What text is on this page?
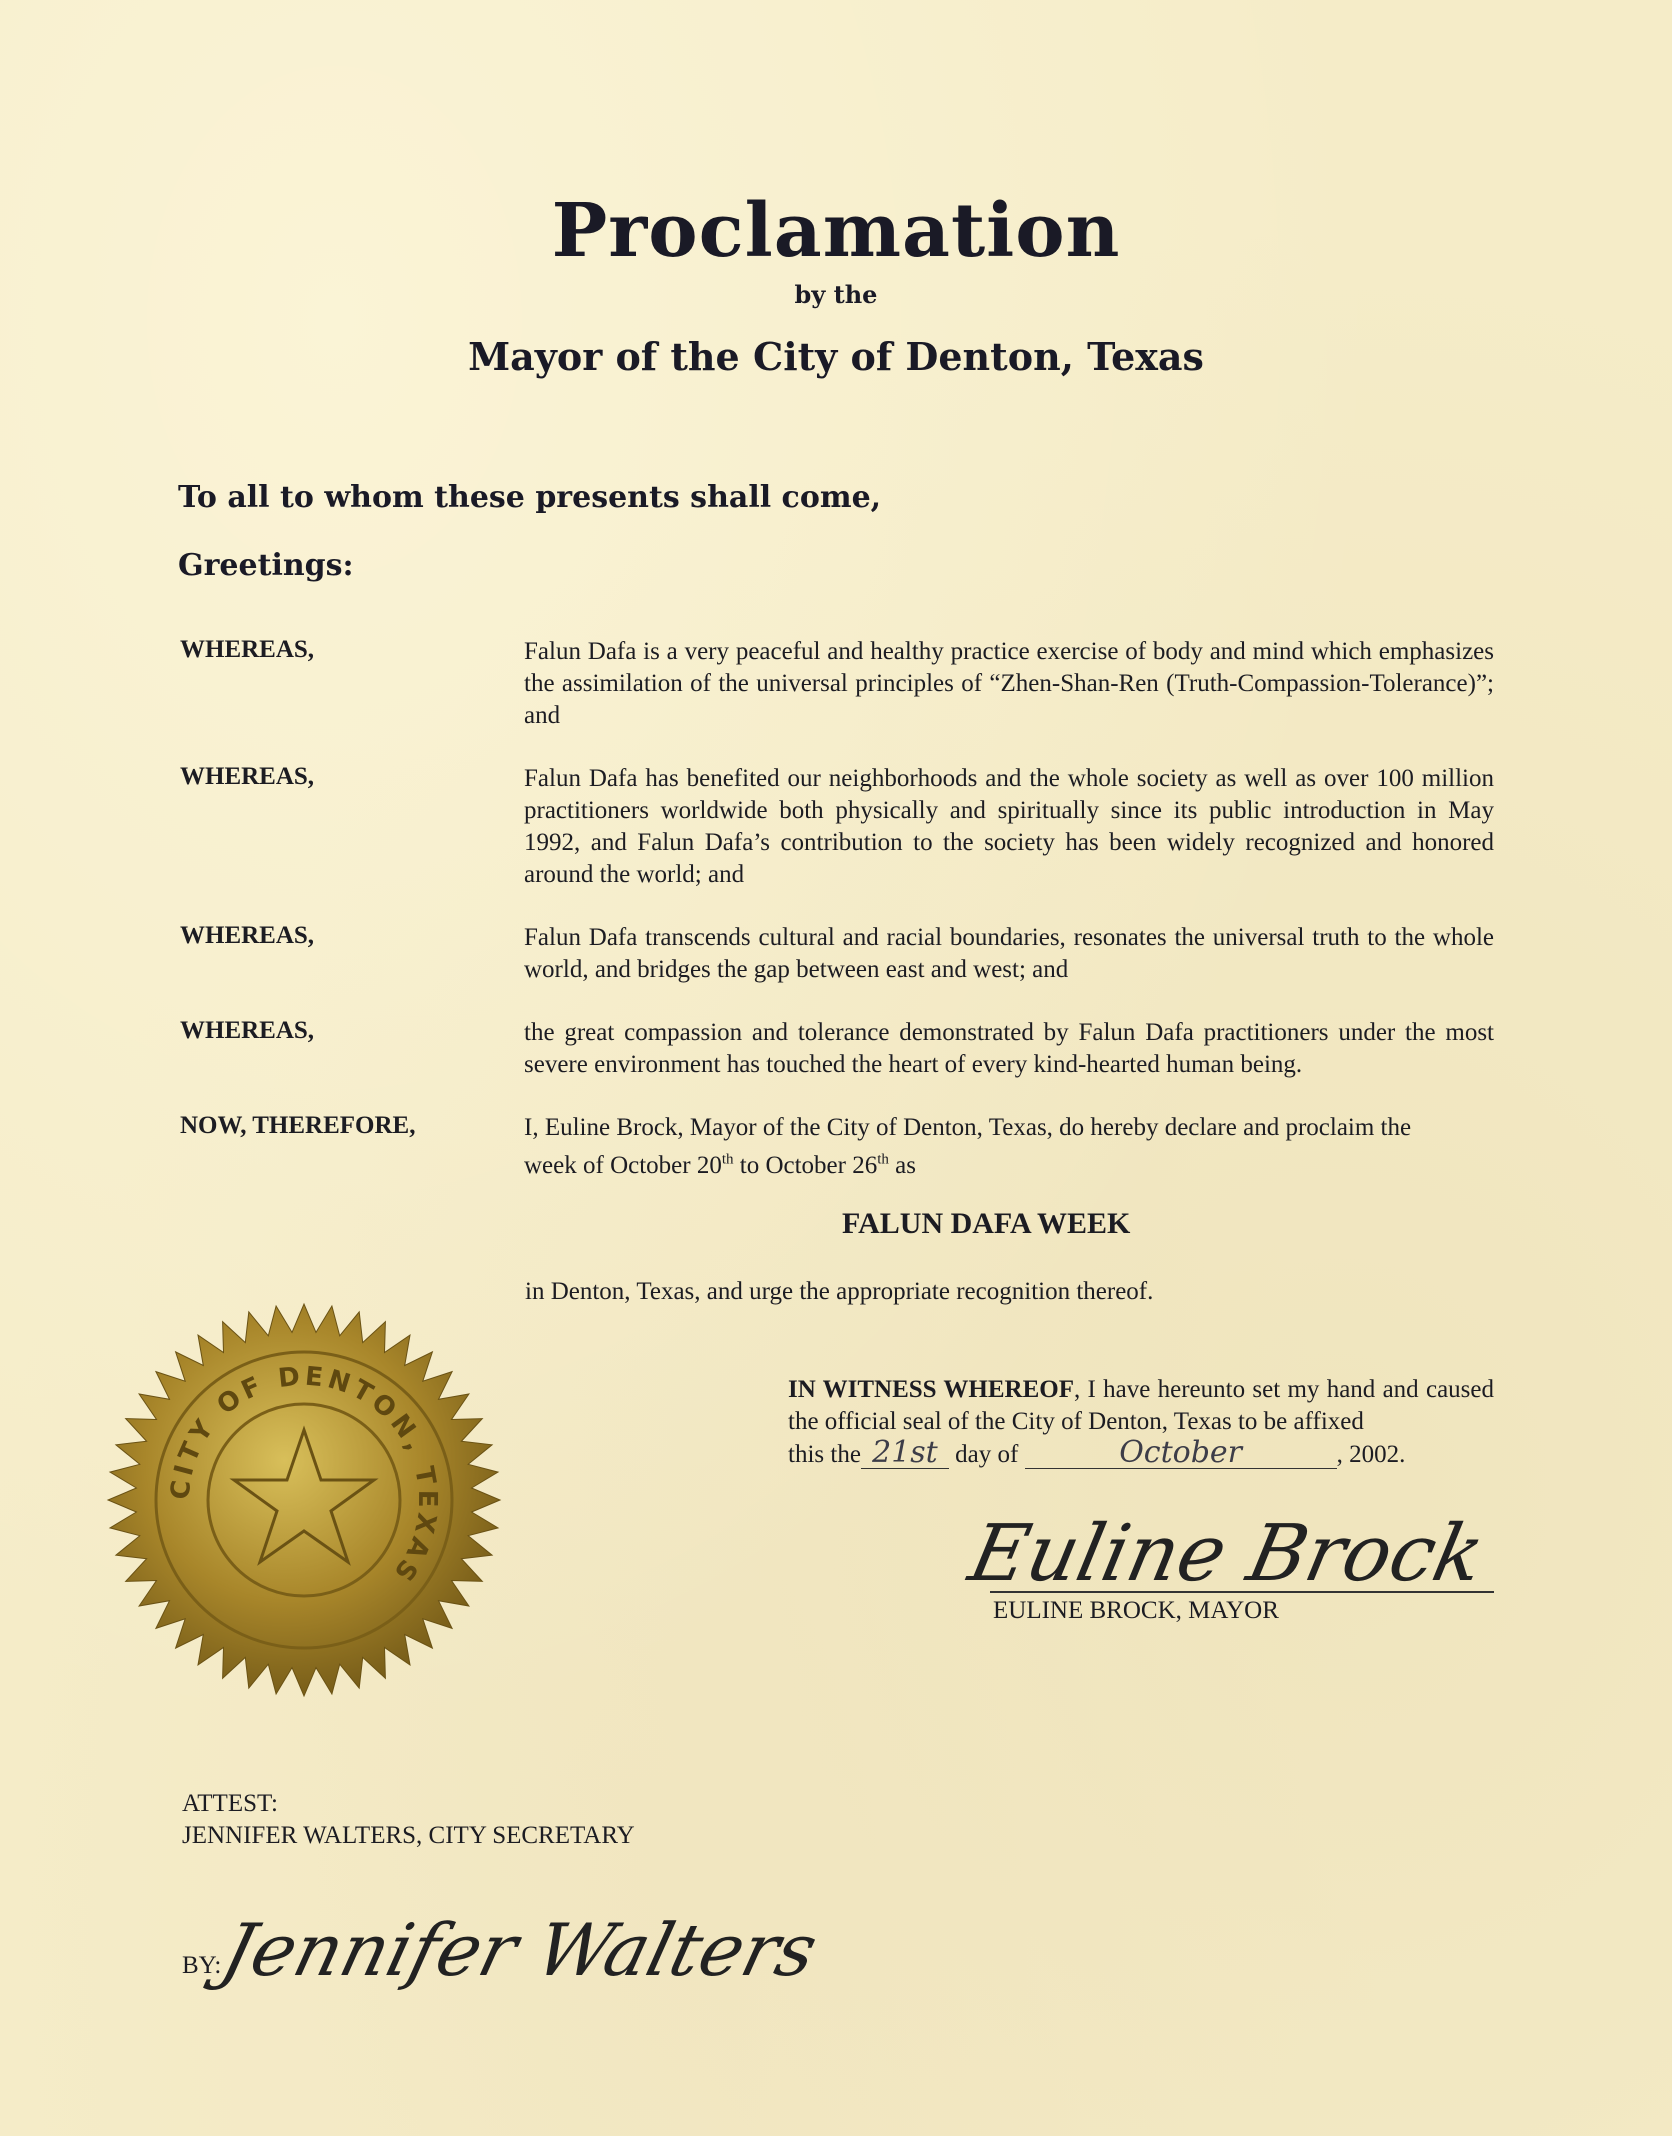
Proclamation
by the
Mayor of the City of Denton, Texas
To all to whom these presents shall come,
Greetings:
WHEREAS,	Falun Dafa is a very peaceful and healthy practice exercise of body and mind which emphasizes the assimilation of the universal principles of “Zhen-Shan-Ren (Truth-Compassion-Tolerance)”; and
WHEREAS,	Falun Dafa has benefited our neighborhoods and the whole society as well as over 100 million practitioners worldwide both physically and spiritually since its public introduction in May 1992, and Falun Dafa’s contribution to the society has been widely recognized and honored around the world; and
WHEREAS,	Falun Dafa transcends cultural and racial boundaries, resonates the universal truth to the whole world, and bridges the gap between east and west; and
WHEREAS,	the great compassion and tolerance demonstrated by Falun Dafa practitioners under the most severe environment has touched the heart of every kind-hearted human being.
NOW, THEREFORE,	I, Euline Brock, Mayor of the City of Denton, Texas, do hereby declare and proclaim the
week of October 20th to October 26th as
FALUN DAFA WEEK
in Denton, Texas, and urge the appropriate recognition thereof.
IN WITNESS WHEREOF, I have hereunto set my hand and caused the official seal of the City of Denton, Texas to be affixed
this the 21st day of	October	, 2002.
Euline Brock
EULINE BROCK, MAYOR
CITY OF DENTON, TEXAS
ATTEST:
JENNIFER WALTERS, CITY SECRETARY
BY:
Jennifer Walters
